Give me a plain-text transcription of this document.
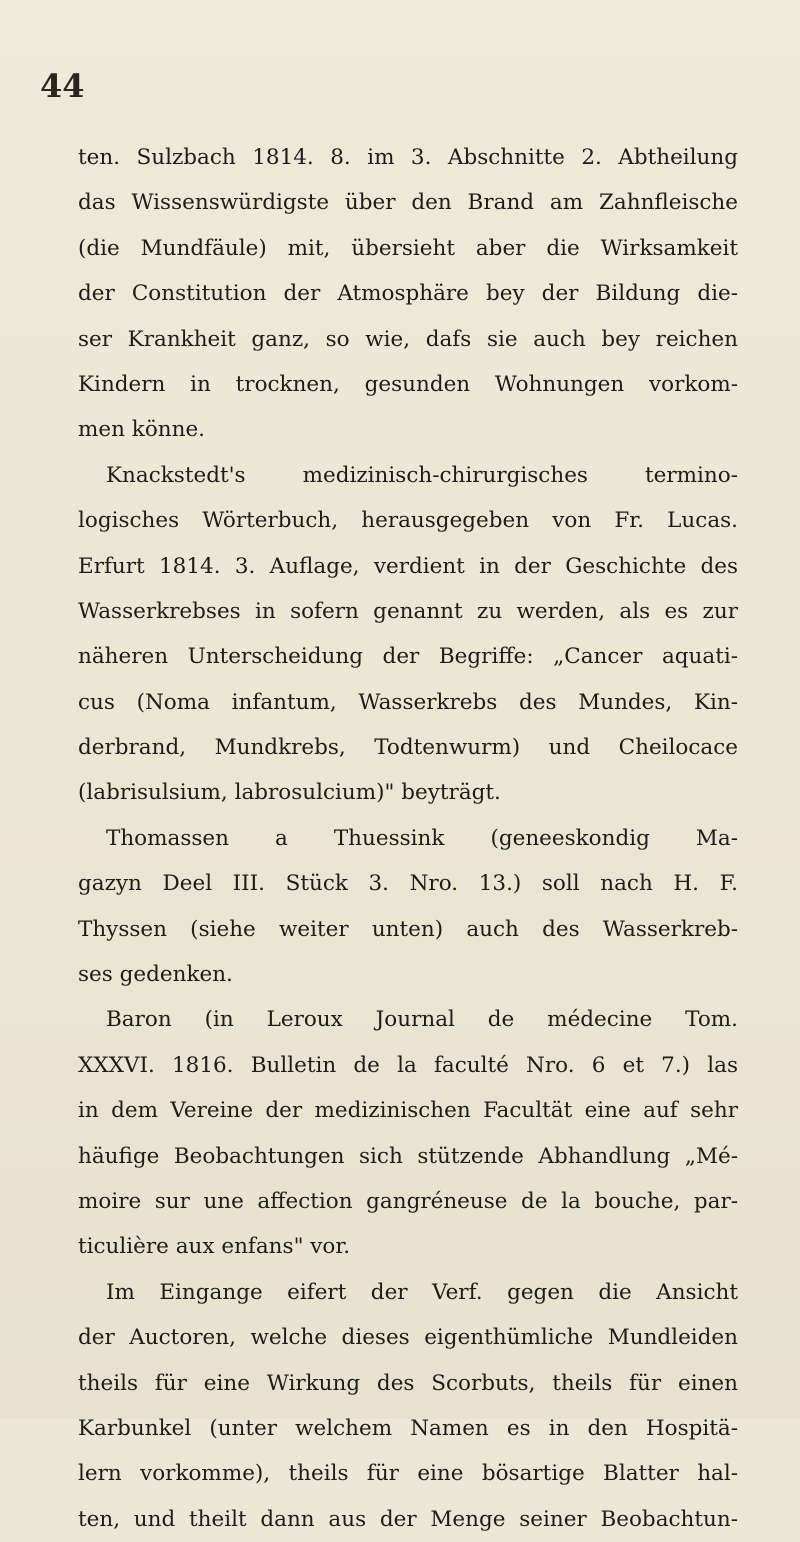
44
ten. Sulzbach 1814. 8. im 3. Abschnitte 2. Abtheilung
das Wissenswürdigste über den Brand am Zahnfleische
(die Mundfäule) mit, übersieht aber die Wirksamkeit
der Constitution der Atmosphäre bey der Bildung die-
ser Krankheit ganz, so wie, dafs sie auch bey reichen
Kindern in trocknen, gesunden Wohnungen vorkom-
men könne.
Knackstedt's medizinisch-chirurgisches termino-
logisches Wörterbuch, herausgegeben von Fr. Lucas.
Erfurt 1814. 3. Auflage, verdient in der Geschichte des
Wasserkrebses in sofern genannt zu werden, als es zur
näheren Unterscheidung der Begriffe: „Cancer aquati-
cus (Noma infantum, Wasserkrebs des Mundes, Kin-
derbrand, Mundkrebs, Todtenwurm) und Cheilocace
(labrisulsium, labrosulcium)" beyträgt.
Thomassen a Thuessink (geneeskondig Ma-
gazyn Deel III. Stück 3. Nro. 13.) soll nach H. F.
Thyssen (siehe weiter unten) auch des Wasserkreb-
ses gedenken.
Baron (in Leroux Journal de médecine Tom.
XXXVI. 1816. Bulletin de la faculté Nro. 6 et 7.) las
in dem Vereine der medizinischen Facultät eine auf sehr
häufige Beobachtungen sich stützende Abhandlung „Mé-
moire sur une affection gangréneuse de la bouche, par-
ticulière aux enfans" vor.
Im Eingange eifert der Verf. gegen die Ansicht
der Auctoren, welche dieses eigenthümliche Mundleiden
theils für eine Wirkung des Scorbuts, theils für einen
Karbunkel (unter welchem Namen es in den Hospitä-
lern vorkomme), theils für eine bösartige Blatter hal-
ten, und theilt dann aus der Menge seiner Beobachtun-
